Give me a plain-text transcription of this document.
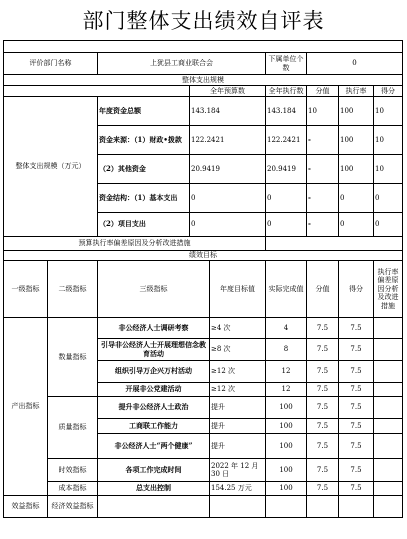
部门整体支出绩效自评表

评价部门名称		上犹县工商业联合会			下属单位个数	0		
整体支出规模								
			全年预算数		全年执行数	分值	执行率	得分
整体支出规模（万元）		年度资金总额	143.184		143.184	10	100	10
		资金来源：（1）财政•拨款	122.2421		122.2421	-	100	10
		（2）其他资金	20.9419		20.9419	-	100	10
		资金结构：（1）基本支出	0		0	-	0	0
		（2）项目支出	0		0	-	0	0
预算执行率偏差原因及分析改进措施								
绩效目标								
一级指标	二级指标	三级指标		年度目标值	实际完成值	分值	得分	执行率偏差原因分析及改进措施
产出指标	数量指标	非公经济人士调研考察		≥4 次	4	7.5	7.5	
		引导非公经济人士开展理想信念教育活动		≥8 次	8	7.5	7.5	
		组织引导万企兴万村活动		≥12 次	12	7.5	7.5	
		开展非公党建活动		≥12 次	12	7.5	7.5	
	质量指标	提升非公经济人士政治		提升	100	7.5	7.5	
		工商联工作能力		提升	100	7.5	7.5	
		非公经济人士“两个健康”		提升	100	7.5	7.5	
	时效指标	各项工作完成时间		2022 年 12 月 30 日	100	7.5	7.5	
	成本指标	总支出控制		154.25 万元	100	7.5	7.5	
效益指标	经济效益指标							
